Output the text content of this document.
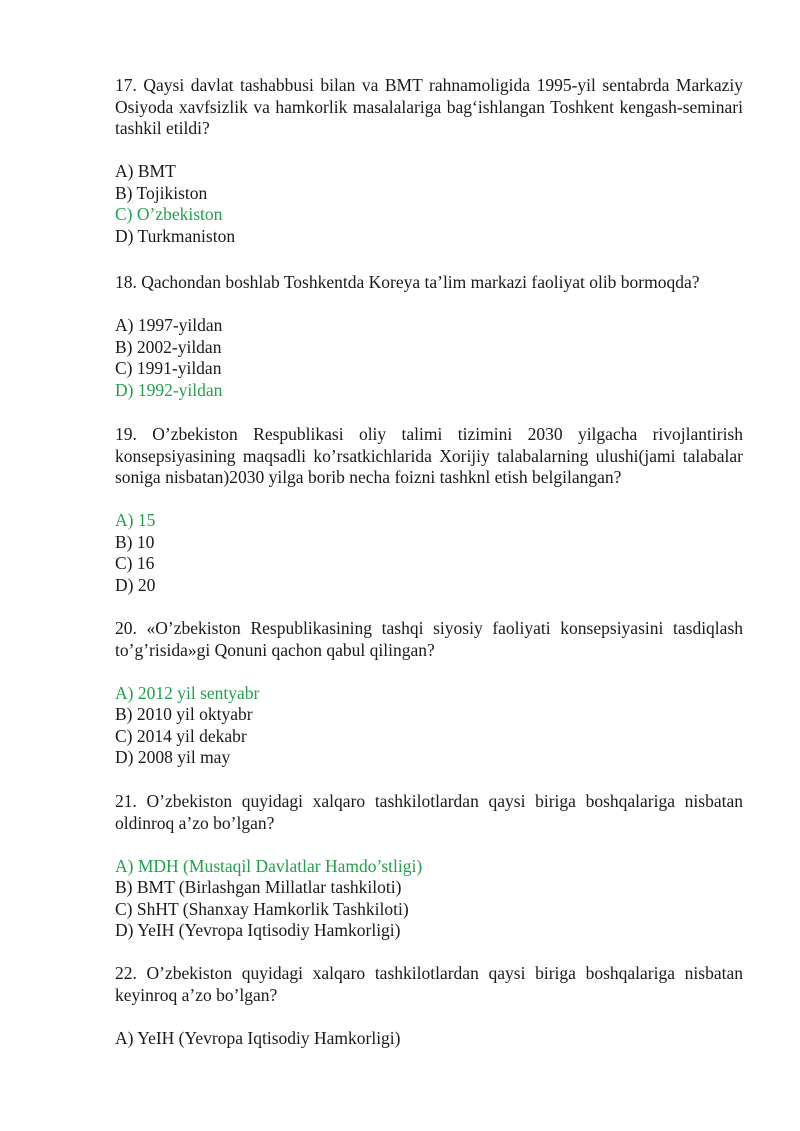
17. Qaysi davlat tashabbusi bilan va BMT rahnamoligida 1995-yil sentabrda Markaziy Osiyoda xavfsizlik va hamkorlik masalalariga bag‘ishlangan Toshkent kengash-seminari tashkil etildi?

A) BMT

B) Tojikiston

C) O’zbekiston

D) Turkmaniston

18. Qachondan boshlab Toshkentda Koreya ta’lim markazi faoliyat olib bormoqda?

A) 1997-yildan

B) 2002-yildan

C) 1991-yildan

D) 1992-yildan

19. O’zbekiston Respublikasi oliy talimi tizimini 2030 yilgacha rivojlantirish konsepsiyasining maqsadli ko’rsatkichlarida Xorijiy talabalarning ulushi(jami talabalar soniga nisbatan)2030 yilga borib necha foizni tashknl etish belgilangan?

A) 15

B) 10

C) 16

D) 20

20. «O’zbekiston Respublikasining tashqi siyosiy faoliyati konsepsiyasini tasdiqlash to’g’risida»gi Qonuni qachon qabul qilingan?

A) 2012 yil sentyabr

B) 2010 yil oktyabr

C) 2014 yil dekabr

D) 2008 yil may

21. O’zbekiston quyidagi xalqaro tashkilotlardan qaysi biriga boshqalariga nisbatan oldinroq a’zo bo’lgan?

A) MDH (Mustaqil Davlatlar Hamdo’stligi)

B) BMT (Birlashgan Millatlar tashkiloti)

C) ShHT (Shanxay Hamkorlik Tashkiloti)

D) YeIH (Yevropa Iqtisodiy Hamkorligi)

22. O’zbekiston quyidagi xalqaro tashkilotlardan qaysi biriga boshqalariga nisbatan keyinroq a’zo bo’lgan?

A) YeIH (Yevropa Iqtisodiy Hamkorligi)
